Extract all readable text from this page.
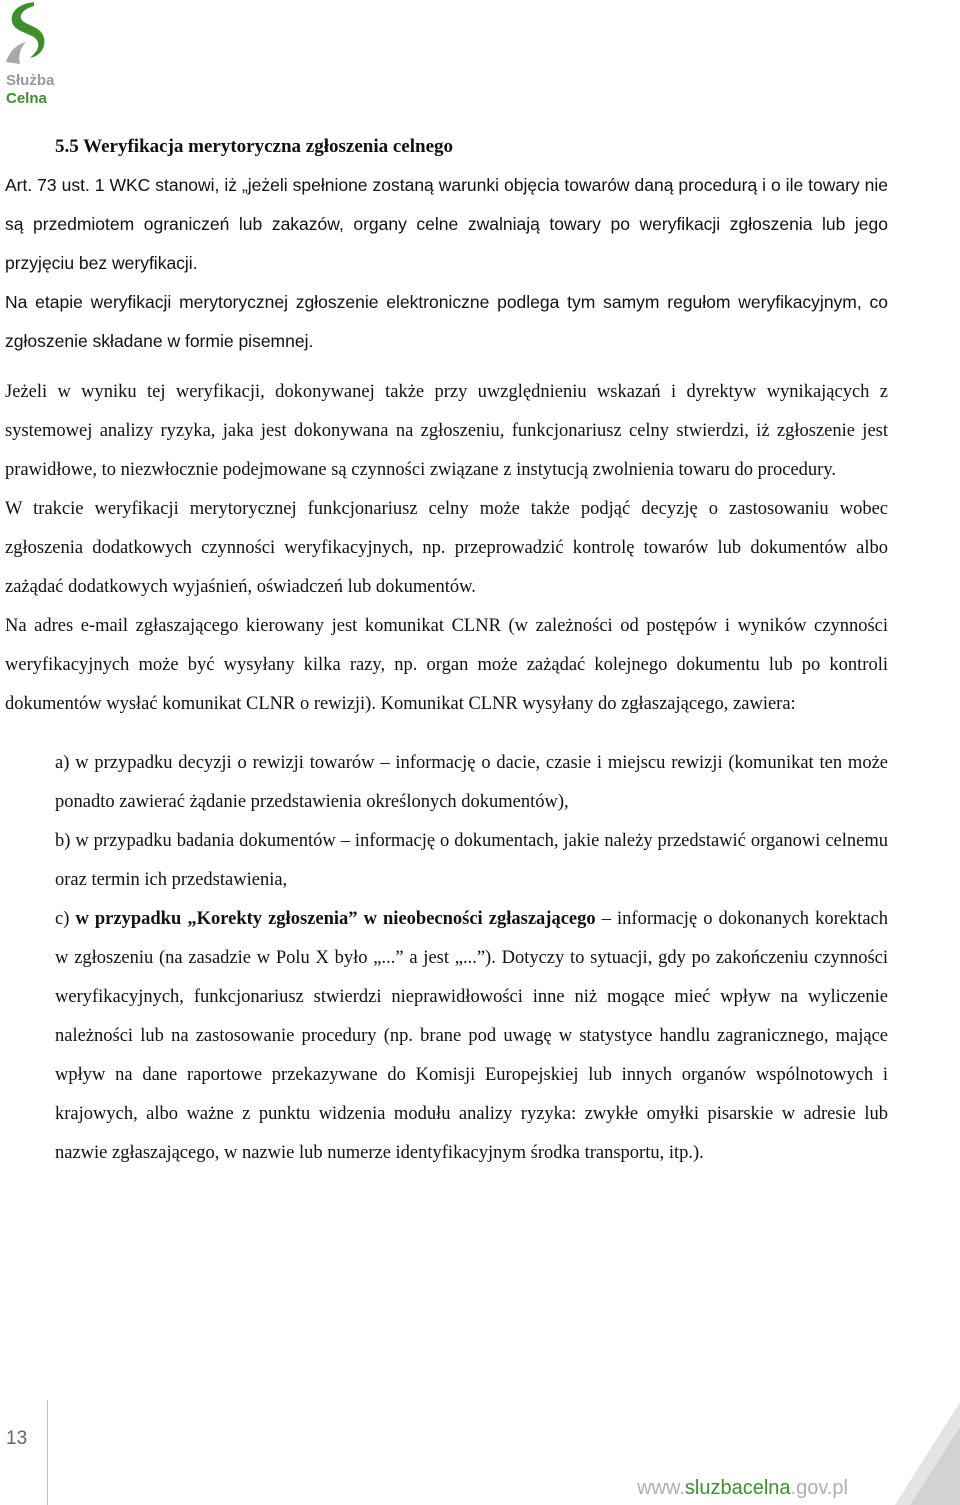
Służba
Celna
5.5 Weryfikacja merytoryczna zgłoszenia celnego

Art. 73 ust. 1 WKC stanowi, iż „jeżeli spełnione zostaną warunki objęcia towarów daną procedurą i o ile towary nie są przedmiotem ograniczeń lub zakazów, organy celne zwalniają towary po weryfikacji zgłoszenia lub jego przyjęciu bez weryfikacji.

Na etapie weryfikacji merytorycznej zgłoszenie elektroniczne podlega tym samym regułom weryfikacyjnym, co zgłoszenie składane w formie pisemnej.

Jeżeli w wyniku tej weryfikacji, dokonywanej także przy uwzględnieniu wskazań i dyrektyw wynikających z systemowej analizy ryzyka, jaka jest dokonywana na zgłoszeniu, funkcjonariusz celny stwierdzi, iż zgłoszenie jest prawidłowe, to niezwłocznie podejmowane są czynności związane z instytucją zwolnienia towaru do procedury.

W trakcie weryfikacji merytorycznej funkcjonariusz celny może także podjąć decyzję o zastosowaniu wobec zgłoszenia dodatkowych czynności weryfikacyjnych, np. przeprowadzić kontrolę towarów lub dokumentów albo zażądać dodatkowych wyjaśnień, oświadczeń lub dokumentów.

Na adres e-mail zgłaszającego kierowany jest komunikat CLNR (w zależności od postępów i wyników czynności weryfikacyjnych może być wysyłany kilka razy, np. organ może zażądać kolejnego dokumentu lub po kontroli dokumentów wysłać komunikat CLNR o rewizji). Komunikat CLNR wysyłany do zgłaszającego, zawiera:

a) w przypadku decyzji o rewizji towarów – informację o dacie, czasie i miejscu rewizji (komunikat ten może ponadto zawierać żądanie przedstawienia określonych dokumentów),

b) w przypadku badania dokumentów – informację o dokumentach, jakie należy przedstawić organowi celnemu oraz termin ich przedstawienia,

c) w przypadku „Korekty zgłoszenia” w nieobecności zgłaszającego – informację o dokonanych korektach w zgłoszeniu (na zasadzie w Polu X było „...” a jest „...”). Dotyczy to sytuacji, gdy po zakończeniu czynności weryfikacyjnych, funkcjonariusz stwierdzi nieprawidłowości inne niż mogące mieć wpływ na wyliczenie należności lub na zastosowanie procedury (np. brane pod uwagę w statystyce handlu zagranicznego, mające wpływ na dane raportowe przekazywane do Komisji Europejskiej lub innych organów wspólnotowych i krajowych, albo ważne z punktu widzenia modułu analizy ryzyka: zwykłe omyłki pisarskie w adresie lub nazwie zgłaszającego, w nazwie lub numerze identyfikacyjnym środka transportu, itp.).

13
www.sluzbacelna.gov.pl
